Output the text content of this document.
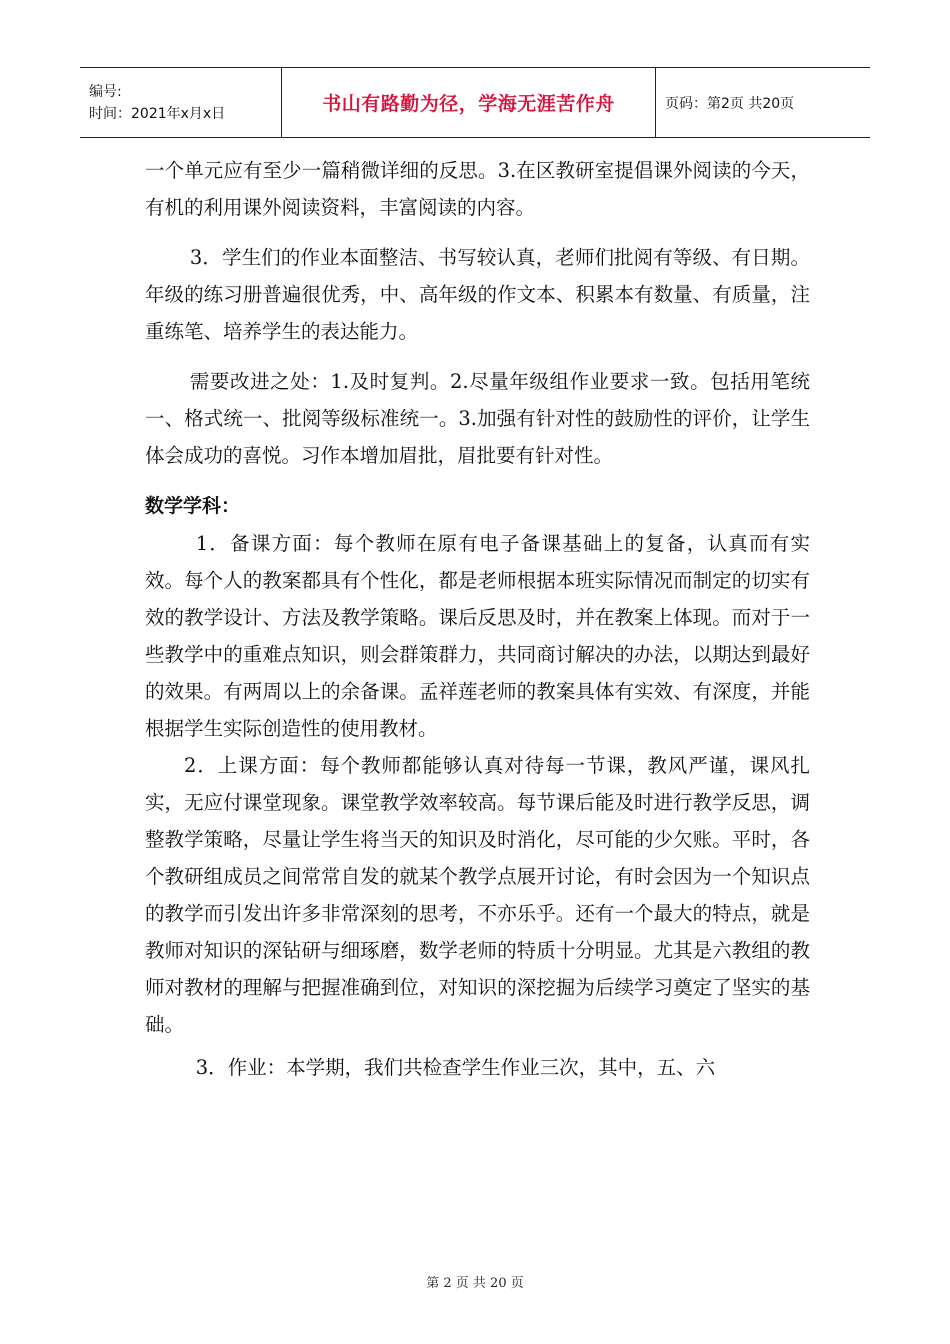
编号:
时间：2021年x月x日	书山有路勤为径，学海无涯苦作舟	页码：第2页 共20页

一个单元应有至少一篇稍微详细的反思。3.在区教研室提倡课外阅读的今天，有机的利用课外阅读资料，丰富阅读的内容。

3．学生们的作业本面整洁、书写较认真，老师们批阅有等级、有日期。年级的练习册普遍很优秀，中、高年级的作文本、积累本有数量、有质量，注重练笔、培养学生的表达能力。

需要改进之处：1.及时复判。2.尽量年级组作业要求一致。包括用笔统一、格式统一、批阅等级标准统一。3.加强有针对性的鼓励性的评价，让学生体会成功的喜悦。习作本增加眉批，眉批要有针对性。

数学学科：

1．备课方面：每个教师在原有电子备课基础上的复备，认真而有实效。每个人的教案都具有个性化，都是老师根据本班实际情况而制定的切实有效的教学设计、方法及教学策略。课后反思及时，并在教案上体现。而对于一些教学中的重难点知识，则会群策群力，共同商讨解决的办法，以期达到最好的效果。有两周以上的余备课。孟祥莲老师的教案具体有实效、有深度，并能根据学生实际创造性的使用教材。

2．上课方面：每个教师都能够认真对待每一节课，教风严谨，课风扎实，无应付课堂现象。课堂教学效率较高。每节课后能及时进行教学反思，调整教学策略，尽量让学生将当天的知识及时消化，尽可能的少欠账。平时，各个教研组成员之间常常自发的就某个教学点展开讨论，有时会因为一个知识点的教学而引发出许多非常深刻的思考，不亦乐乎。还有一个最大的特点，就是教师对知识的深钻研与细琢磨，数学老师的特质十分明显。尤其是六教组的教师对教材的理解与把握准确到位，对知识的深挖掘为后续学习奠定了坚实的基础。

3．作业：本学期，我们共检查学生作业三次，其中，五、六

第 2 页 共 20 页
